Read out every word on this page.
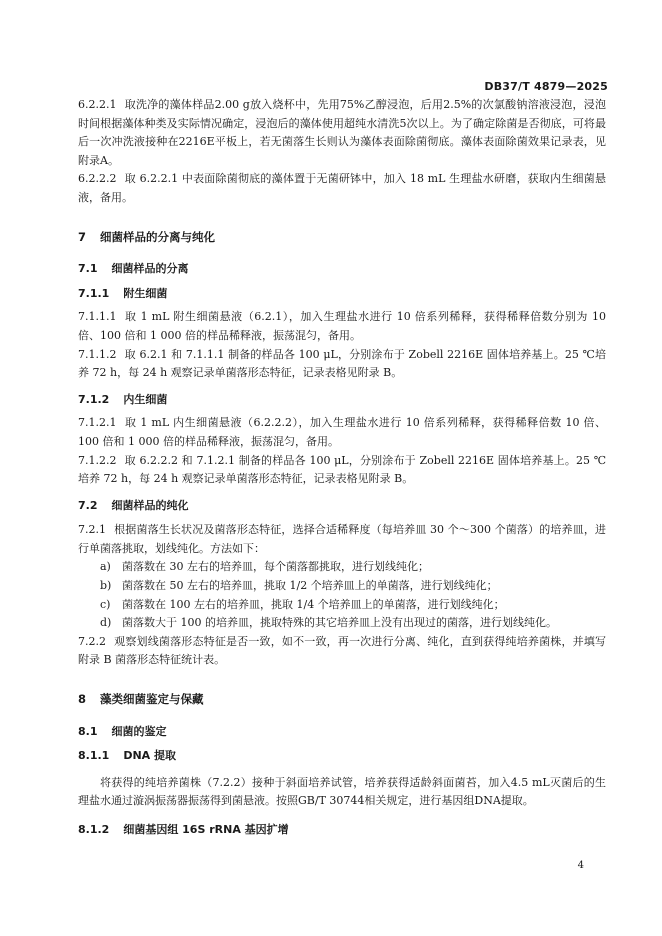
DB37/T 4879—2025

6.2.2.1 取洗净的藻体样品2.00 g放入烧杯中，先用75%乙醇浸泡，后用2.5%的次氯酸钠溶液浸泡，浸泡时间根据藻体种类及实际情况确定，浸泡后的藻体使用超纯水清洗5次以上。为了确定除菌是否彻底，可将最后一次冲洗液接种在2216E平板上，若无菌落生长则认为藻体表面除菌彻底。藻体表面除菌效果记录表，见附录A。

6.2.2.2 取 6.2.2.1 中表面除菌彻底的藻体置于无菌研钵中，加入 18 mL 生理盐水研磨，获取内生细菌悬液，备用。

7 细菌样品的分离与纯化
7.1 细菌样品的分离
7.1.1 附生细菌

7.1.1.1 取 1 mL 附生细菌悬液（6.2.1），加入生理盐水进行 10 倍系列稀释，获得稀释倍数分别为 10 倍、100 倍和 1 000 倍的样品稀释液，振荡混匀，备用。

7.1.1.2 取 6.2.1 和 7.1.1.1 制备的样品各 100 μL，分别涂布于 Zobell 2216E 固体培养基上。25 ℃培养 72 h，每 24 h 观察记录单菌落形态特征，记录表格见附录 B。

7.1.2 内生细菌

7.1.2.1 取 1 mL 内生细菌悬液（6.2.2.2），加入生理盐水进行 10 倍系列稀释，获得稀释倍数 10 倍、100 倍和 1 000 倍的样品稀释液，振荡混匀，备用。

7.1.2.2 取 6.2.2.2 和 7.1.2.1 制备的样品各 100 μL，分别涂布于 Zobell 2216E 固体培养基上。25 ℃培养 72 h，每 24 h 观察记录单菌落形态特征，记录表格见附录 B。

7.2 细菌样品的纯化

7.2.1 根据菌落生长状况及菌落形态特征，选择合适稀释度（每培养皿 30 个～300 个菌落）的培养皿，进行单菌落挑取，划线纯化。方法如下：

a) 菌落数在 30 左右的培养皿，每个菌落都挑取，进行划线纯化；
b) 菌落数在 50 左右的培养皿，挑取 1/2 个培养皿上的单菌落，进行划线纯化；
c) 菌落数在 100 左右的培养皿，挑取 1/4 个培养皿上的单菌落，进行划线纯化；
d) 菌落数大于 100 的培养皿，挑取特殊的其它培养皿上没有出现过的菌落，进行划线纯化。

7.2.2 观察划线菌落形态特征是否一致，如不一致，再一次进行分离、纯化，直到获得纯培养菌株，并填写附录 B 菌落形态特征统计表。

8 藻类细菌鉴定与保藏
8.1 细菌的鉴定
8.1.1 DNA 提取

将获得的纯培养菌株（7.2.2）接种于斜面培养试管，培养获得适龄斜面菌苔，加入4.5 mL灭菌后的生理盐水通过漩涡振荡器振荡得到菌悬液。按照GB/T 30744相关规定，进行基因组DNA提取。

8.1.2 细菌基因组 16S rRNA 基因扩增
4
